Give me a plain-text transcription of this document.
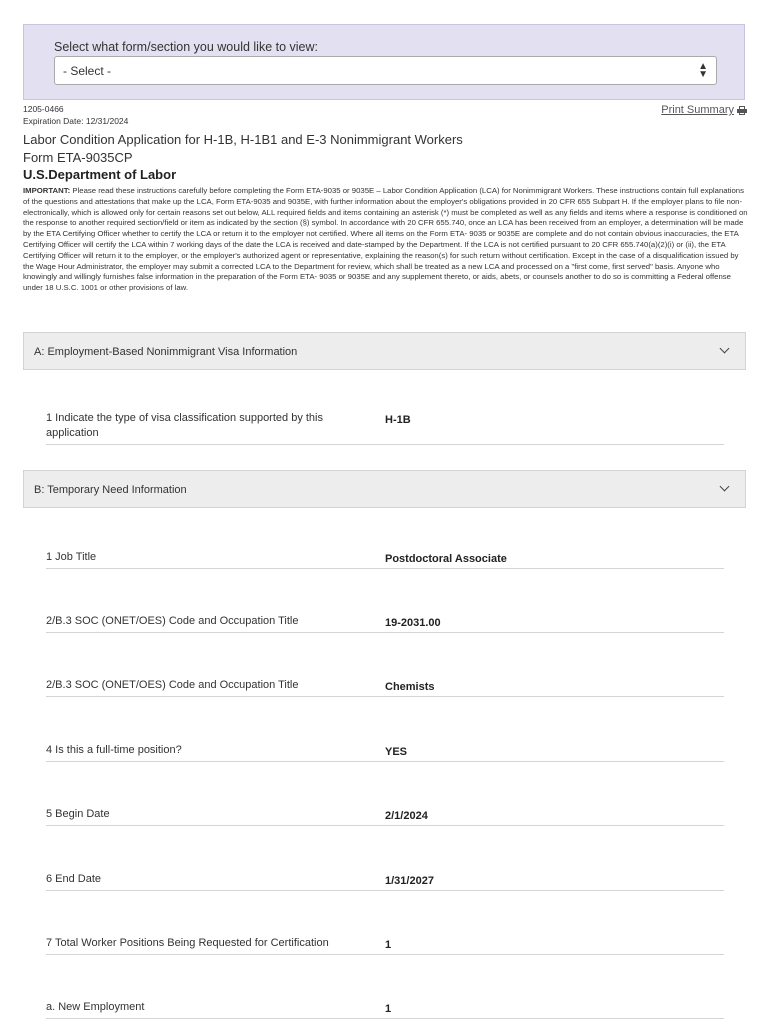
Select what form/section you would like to view:
- Select -	▲
▼
1205-0466
Expiration Date: 12/31/2024
Print Summary
Labor Condition Application for H-1B, H-1B1 and E-3 Nonimmigrant Workers
Form ETA-9035CP
U.S.Department of Labor
IMPORTANT: Please read these instructions carefully before completing the Form ETA-9035 or 9035E – Labor Condition Application (LCA) for Nonimmigrant Workers. These instructions contain full explanations of the questions and attestations that make up the LCA, Form ETA-9035 and 9035E, with further information about the employer's obligations provided in 20 CFR 655 Subpart H. If the employer plans to file non-electronically, which is allowed only for certain reasons set out below, ALL required fields and items containing an asterisk (*) must be completed as well as any fields and items where a response is conditioned on the response to another required section/field or item as indicated by the section (§) symbol. In accordance with 20 CFR 655.740, once an LCA has been received from an employer, a determination will be made by the ETA Certifying Officer whether to certify the LCA or return it to the employer not certified. Where all items on the Form ETA- 9035 or 9035E are complete and do not contain obvious inaccuracies, the ETA Certifying Officer will certify the LCA within 7 working days of the date the LCA is received and date-stamped by the Department. If the LCA is not certified pursuant to 20 CFR 655.740(a)(2)(i) or (ii), the ETA Certifying Officer will return it to the employer, or the employer's authorized agent or representative, explaining the reason(s) for such return without certification. Except in the case of a disqualification issued by the Wage Hour Administrator, the employer may submit a corrected LCA to the Department for review, which shall be treated as a new LCA and processed on a "first come, first served" basis. Anyone who knowingly and willingly furnishes false information in the preparation of the Form ETA- 9035 or 9035E and any supplement thereto, or aids, abets, or counsels another to do so is committing a Federal offense under 18 U.S.C. 1001 or other provisions of law.
A: Employment-Based Nonimmigrant Visa Information
1 Indicate the type of visa classification supported by this application
H-1B
B: Temporary Need Information
1 Job Title	Postdoctoral Associate
2/B.3 SOC (ONET/OES) Code and Occupation Title	19-2031.00
2/B.3 SOC (ONET/OES) Code and Occupation Title	Chemists
4 Is this a full-time position?	YES
5 Begin Date	2/1/2024
6 End Date	1/31/2027
7 Total Worker Positions Being Requested for Certification	1
a. New Employment	1
